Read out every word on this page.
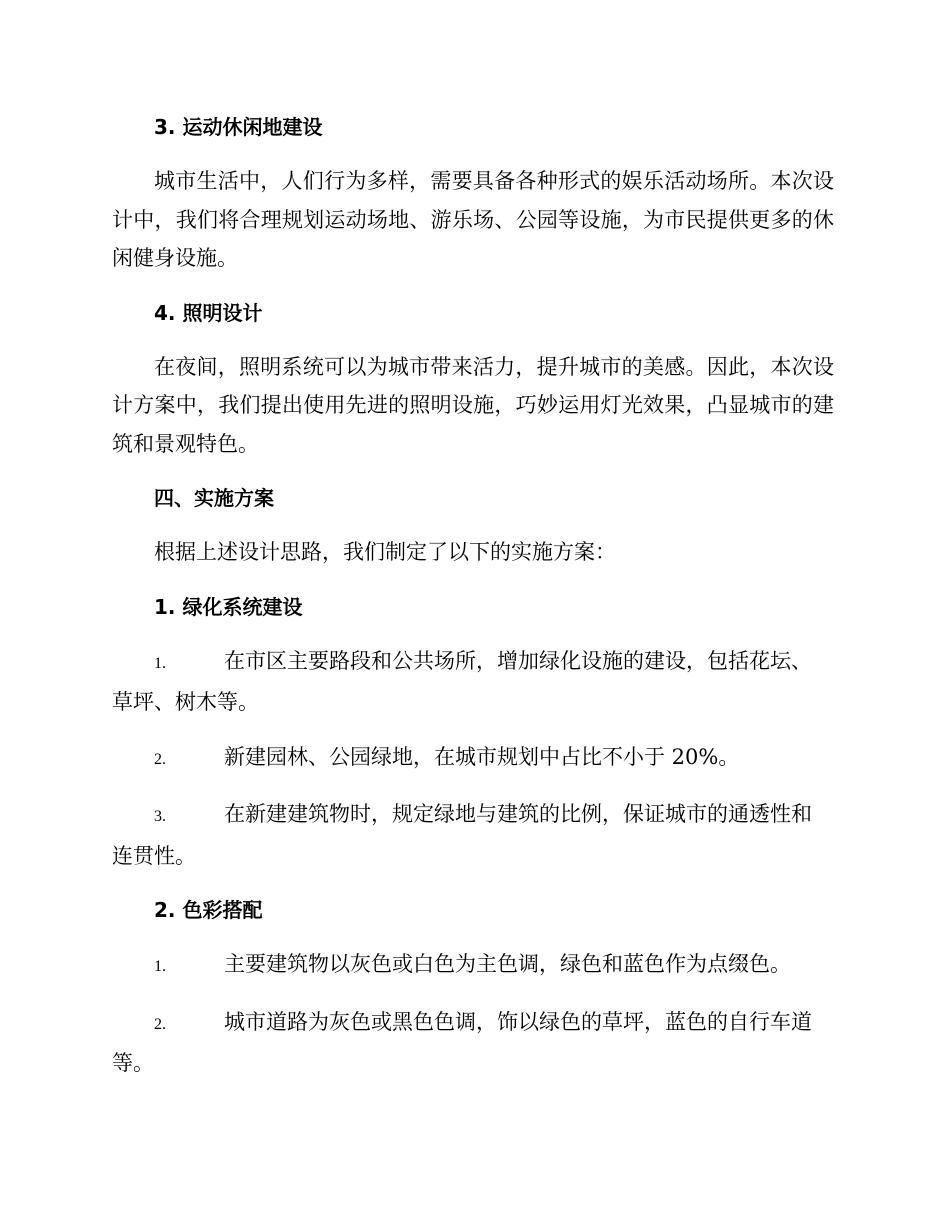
3. 运动休闲地建设
城市生活中，人们行为多样，需要具备各种形式的娱乐活动场所。本次设计中，我们将合理规划运动场地、游乐场、公园等设施，为市民提供更多的休闲健身设施。
4. 照明设计
在夜间，照明系统可以为城市带来活力，提升城市的美感。因此，本次设计方案中，我们提出使用先进的照明设施，巧妙运用灯光效果，凸显城市的建筑和景观特色。
四、实施方案
根据上述设计思路，我们制定了以下的实施方案：
1. 绿化系统建设
1.	在市区主要路段和公共场所，增加绿化设施的建设，包括花坛、
草坪、树木等。
2.	新建园林、公园绿地，在城市规划中占比不小于 20%。
3.	在新建建筑物时，规定绿地与建筑的比例，保证城市的通透性和
连贯性。
2. 色彩搭配
1.	主要建筑物以灰色或白色为主色调，绿色和蓝色作为点缀色。
2.	城市道路为灰色或黑色色调，饰以绿色的草坪，蓝色的自行车道
等。
